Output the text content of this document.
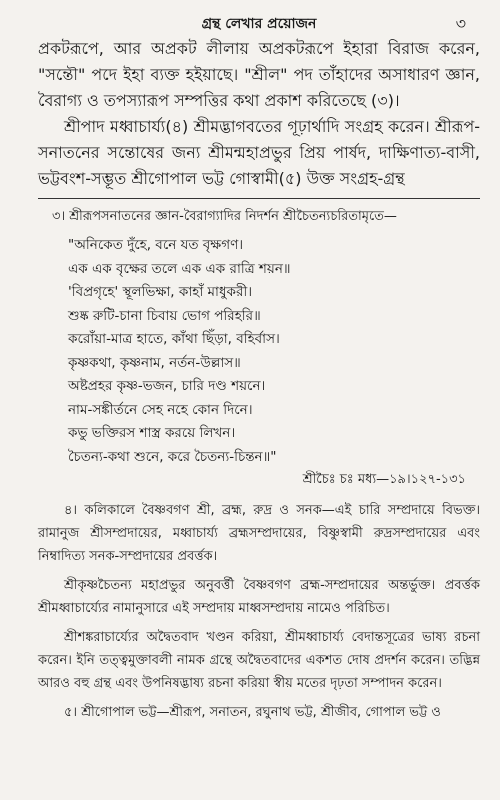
গ্রন্থ লেখার প্রয়োজন	৩

প্রকটরূপে, আর অপ্রকট লীলায় অপ্রকটরূপে ইহারা বিরাজ করেন, "সন্তৌ" পদে ইহা ব্যক্ত হইয়াছে। "শ্রীল" পদ তাঁহাদের অসাধারণ জ্ঞান, বৈরাগ্য ও তপস্যারূপ সম্পত্তির কথা প্রকাশ করিতেছে (৩)।

শ্রীপাদ মধ্বাচার্য্য(৪) শ্রীমদ্ভাগবতের গূঢ়ার্থাদি সংগ্রহ করেন। শ্রীরূপ-সনাতনের সন্তোষের জন্য শ্রীমন্মহাপ্রভুর প্রিয় পার্ষদ, দাক্ষিণাত্য-বাসী, ভট্টবংশ-সম্ভূত শ্রীগোপাল ভট্ট গোস্বামী(৫) উক্ত সংগ্রহ-গ্রন্থ

৩। শ্রীরূপসনাতনের জ্ঞান-বৈরাগ্যাদির নিদর্শন শ্রীচৈতন্যচরিতামৃতে—
"অনিকেত দুঁহে, বনে যত বৃক্ষগণ।
এক এক বৃক্ষের তলে এক এক রাত্রি শয়ন॥
'বিপ্রগৃহে' স্থূলভিক্ষা, কাহাঁ মাধুকরী।
শুষ্ক রুটি-চানা চিবায় ভোগ পরিহরি॥
করোঁয়া-মাত্র হাতে, কাঁথা ছিঁড়া, বহির্বাস।
কৃষ্ণকথা, কৃষ্ণনাম, নর্তন-উল্লাস॥
অষ্টপ্রহর কৃষ্ণ-ভজন, চারি দণ্ড শয়নে।
নাম-সঙ্কীর্তনে সেহ নহে কোন দিনে।
কভু ভক্তিরস শাস্ত্র করয়ে লিখন।
চৈতন্য-কথা শুনে, করে চৈতন্য-চিন্তন॥"
শ্রীচৈঃ চঃ মধ্য—১৯।১২৭-১৩১
৪। কলিকালে বৈষ্ণবগণ শ্রী, ব্রহ্ম, রুদ্র ও সনক—এই চারি সম্প্রদায়ে বিভক্ত। রামানুজ শ্রীসম্প্রদায়ের, মধ্বাচার্য্য ব্রহ্মসম্প্রদায়ের, বিষ্ণুস্বামী রুদ্রসম্প্রদায়ের এবং নিম্বাদিত্য সনক-সম্প্রদায়ের প্রবর্ত্তক।
শ্রীকৃষ্ণচৈতন্য মহাপ্রভুর অনুবর্ত্তী বৈষ্ণবগণ ব্রহ্ম-সম্প্রদায়ের অন্তর্ভুক্ত। প্রবর্ত্তক শ্রীমধ্বাচার্য্যের নামানুসারে এই সম্প্রদায় মাধ্বসম্প্রদায় নামেও পরিচিত।
শ্রীশঙ্করাচার্য্যের অদ্বৈতবাদ খণ্ডন করিয়া, শ্রীমধ্বাচার্য্য বেদান্তসূত্রের ভাষ্য রচনা করেন। ইনি তত্ত্বমুক্তাবলী নামক গ্রন্থে অদ্বৈতবাদের একশত দোষ প্রদর্শন করেন। তদ্ভিন্ন আরও বহু গ্রন্থ এবং উপনিষদ্ভাষ্য রচনা করিয়া স্বীয় মতের দৃঢ়তা সম্পাদন করেন।
৫। শ্রীগোপাল ভট্ট—শ্রীরূপ, সনাতন, রঘুনাথ ভট্ট, শ্রীজীব, গোপাল ভট্ট ও
